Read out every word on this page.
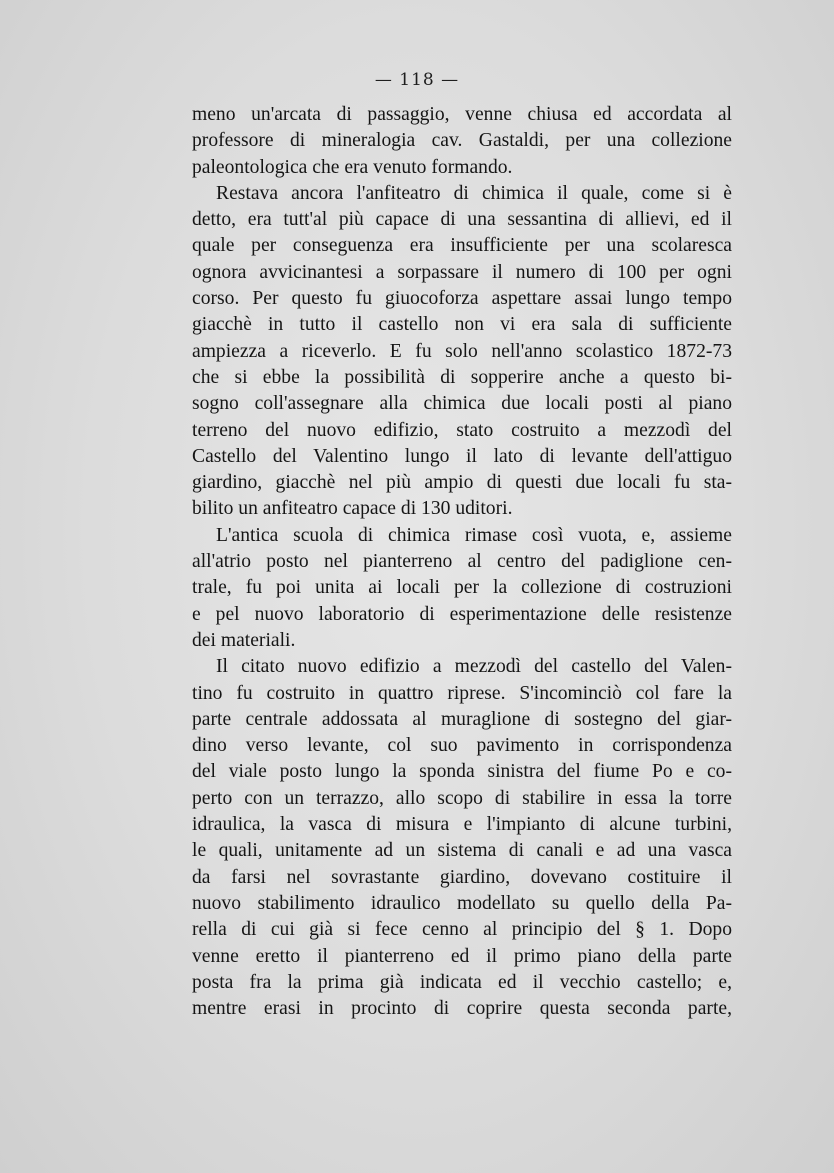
— 118 —
meno un'arcata di passaggio, venne chiusa ed accordata al
professore di mineralogia cav. Gastaldi, per una collezione
paleontologica che era venuto formando.
Restava ancora l'anfiteatro di chimica il quale, come si è
detto, era tutt'al più capace di una sessantina di allievi, ed il
quale per conseguenza era insufficiente per una scolaresca
ognora avvicinantesi a sorpassare il numero di 100 per ogni
corso. Per questo fu giuocoforza aspettare assai lungo tempo
giacchè in tutto il castello non vi era sala di sufficiente
ampiezza a riceverlo. E fu solo nell'anno scolastico 1872-73
che si ebbe la possibilità di sopperire anche a questo bi-
sogno coll'assegnare alla chimica due locali posti al piano
terreno del nuovo edifizio, stato costruito a mezzodì del
Castello del Valentino lungo il lato di levante dell'attiguo
giardino, giacchè nel più ampio di questi due locali fu sta-
bilito un anfiteatro capace di 130 uditori.
L'antica scuola di chimica rimase così vuota, e, assieme
all'atrio posto nel pianterreno al centro del padiglione cen-
trale, fu poi unita ai locali per la collezione di costruzioni
e pel nuovo laboratorio di esperimentazione delle resistenze
dei materiali.
Il citato nuovo edifizio a mezzodì del castello del Valen-
tino fu costruito in quattro riprese. S'incominciò col fare la
parte centrale addossata al muraglione di sostegno del giar-
dino verso levante, col suo pavimento in corrispondenza
del viale posto lungo la sponda sinistra del fiume Po e co-
perto con un terrazzo, allo scopo di stabilire in essa la torre
idraulica, la vasca di misura e l'impianto di alcune turbini,
le quali, unitamente ad un sistema di canali e ad una vasca
da farsi nel sovrastante giardino, dovevano costituire il
nuovo stabilimento idraulico modellato su quello della Pa-
rella di cui già si fece cenno al principio del § 1. Dopo
venne eretto il pianterreno ed il primo piano della parte
posta fra la prima già indicata ed il vecchio castello; e,
mentre erasi in procinto di coprire questa seconda parte,
